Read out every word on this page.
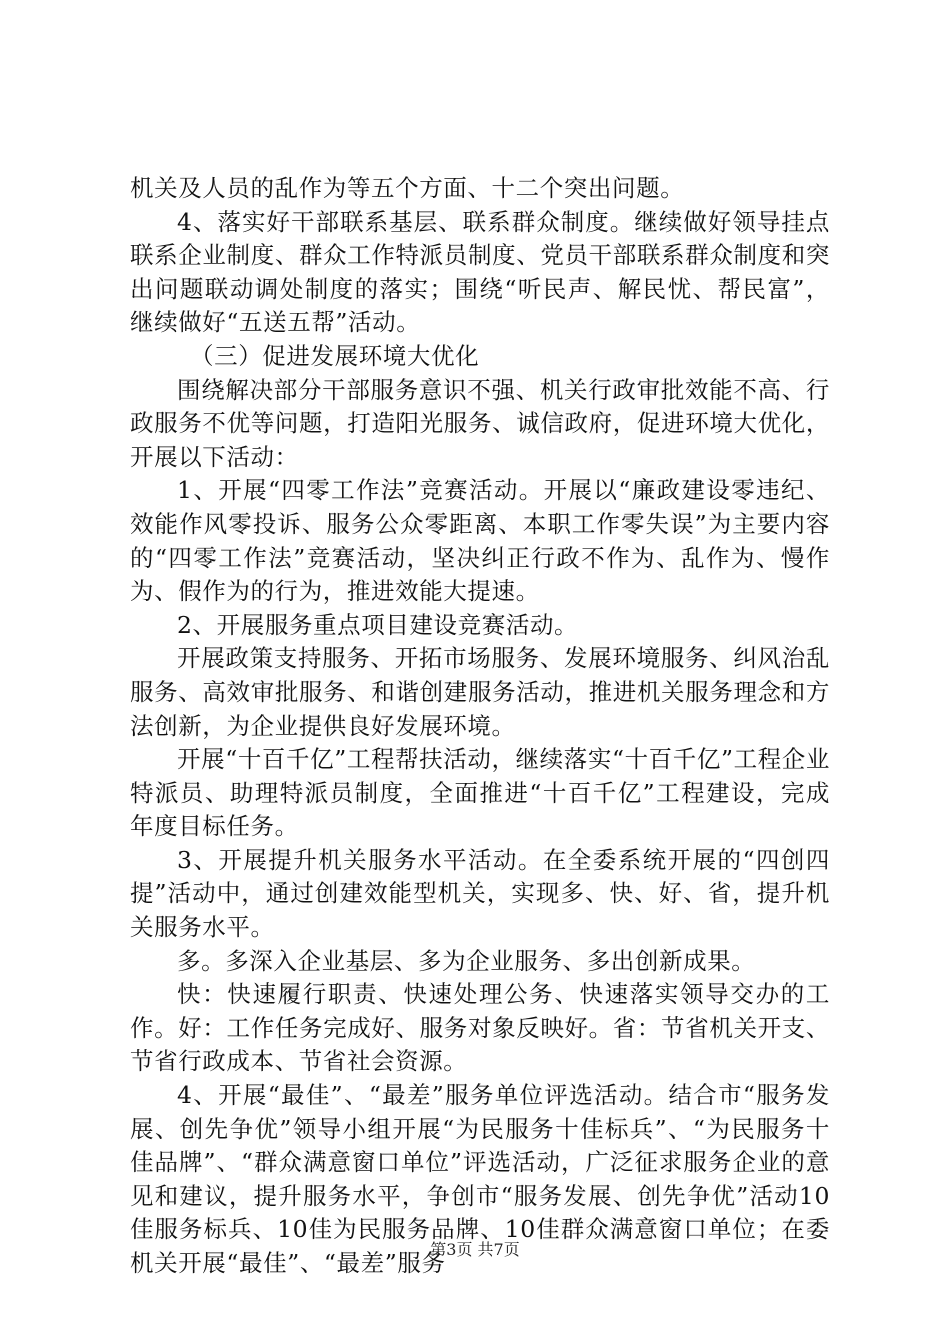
机关及人员的乱作为等五个方面、十二个突出问题。

4、落实好干部联系基层、联系群众制度。继续做好领导挂点联系企业制度、群众工作特派员制度、党员干部联系群众制度和突出问题联动调处制度的落实；围绕“听民声、解民忧、帮民富”，继续做好“五送五帮”活动。

（三）促进发展环境大优化

围绕解决部分干部服务意识不强、机关行政审批效能不高、行政服务不优等问题，打造阳光服务、诚信政府，促进环境大优化，开展以下活动：

1、开展“四零工作法”竞赛活动。开展以“廉政建设零违纪、效能作风零投诉、服务公众零距离、本职工作零失误”为主要内容的“四零工作法”竞赛活动，坚决纠正行政不作为、乱作为、慢作为、假作为的行为，推进效能大提速。

2、开展服务重点项目建设竞赛活动。

开展政策支持服务、开拓市场服务、发展环境服务、纠风治乱服务、高效审批服务、和谐创建服务活动，推进机关服务理念和方法创新，为企业提供良好发展环境。

开展“十百千亿”工程帮扶活动，继续落实“十百千亿”工程企业特派员、助理特派员制度，全面推进“十百千亿”工程建设，完成年度目标任务。

3、开展提升机关服务水平活动。在全委系统开展的“四创四提”活动中，通过创建效能型机关，实现多、快、好、省，提升机关服务水平。

多。多深入企业基层、多为企业服务、多出创新成果。

快：快速履行职责、快速处理公务、快速落实领导交办的工作。好：工作任务完成好、服务对象反映好。省：节省机关开支、节省行政成本、节省社会资源。

4、开展“最佳”、“最差”服务单位评选活动。结合市“服务发展、创先争优”领导小组开展“为民服务十佳标兵”、“为民服务十佳品牌”、“群众满意窗口单位”评选活动，广泛征求服务企业的意见和建议，提升服务水平，争创市“服务发展、创先争优”活动10佳服务标兵、10佳为民服务品牌、10佳群众满意窗口单位；在委机关开展“最佳”、“最差”服务

第3页 共7页
